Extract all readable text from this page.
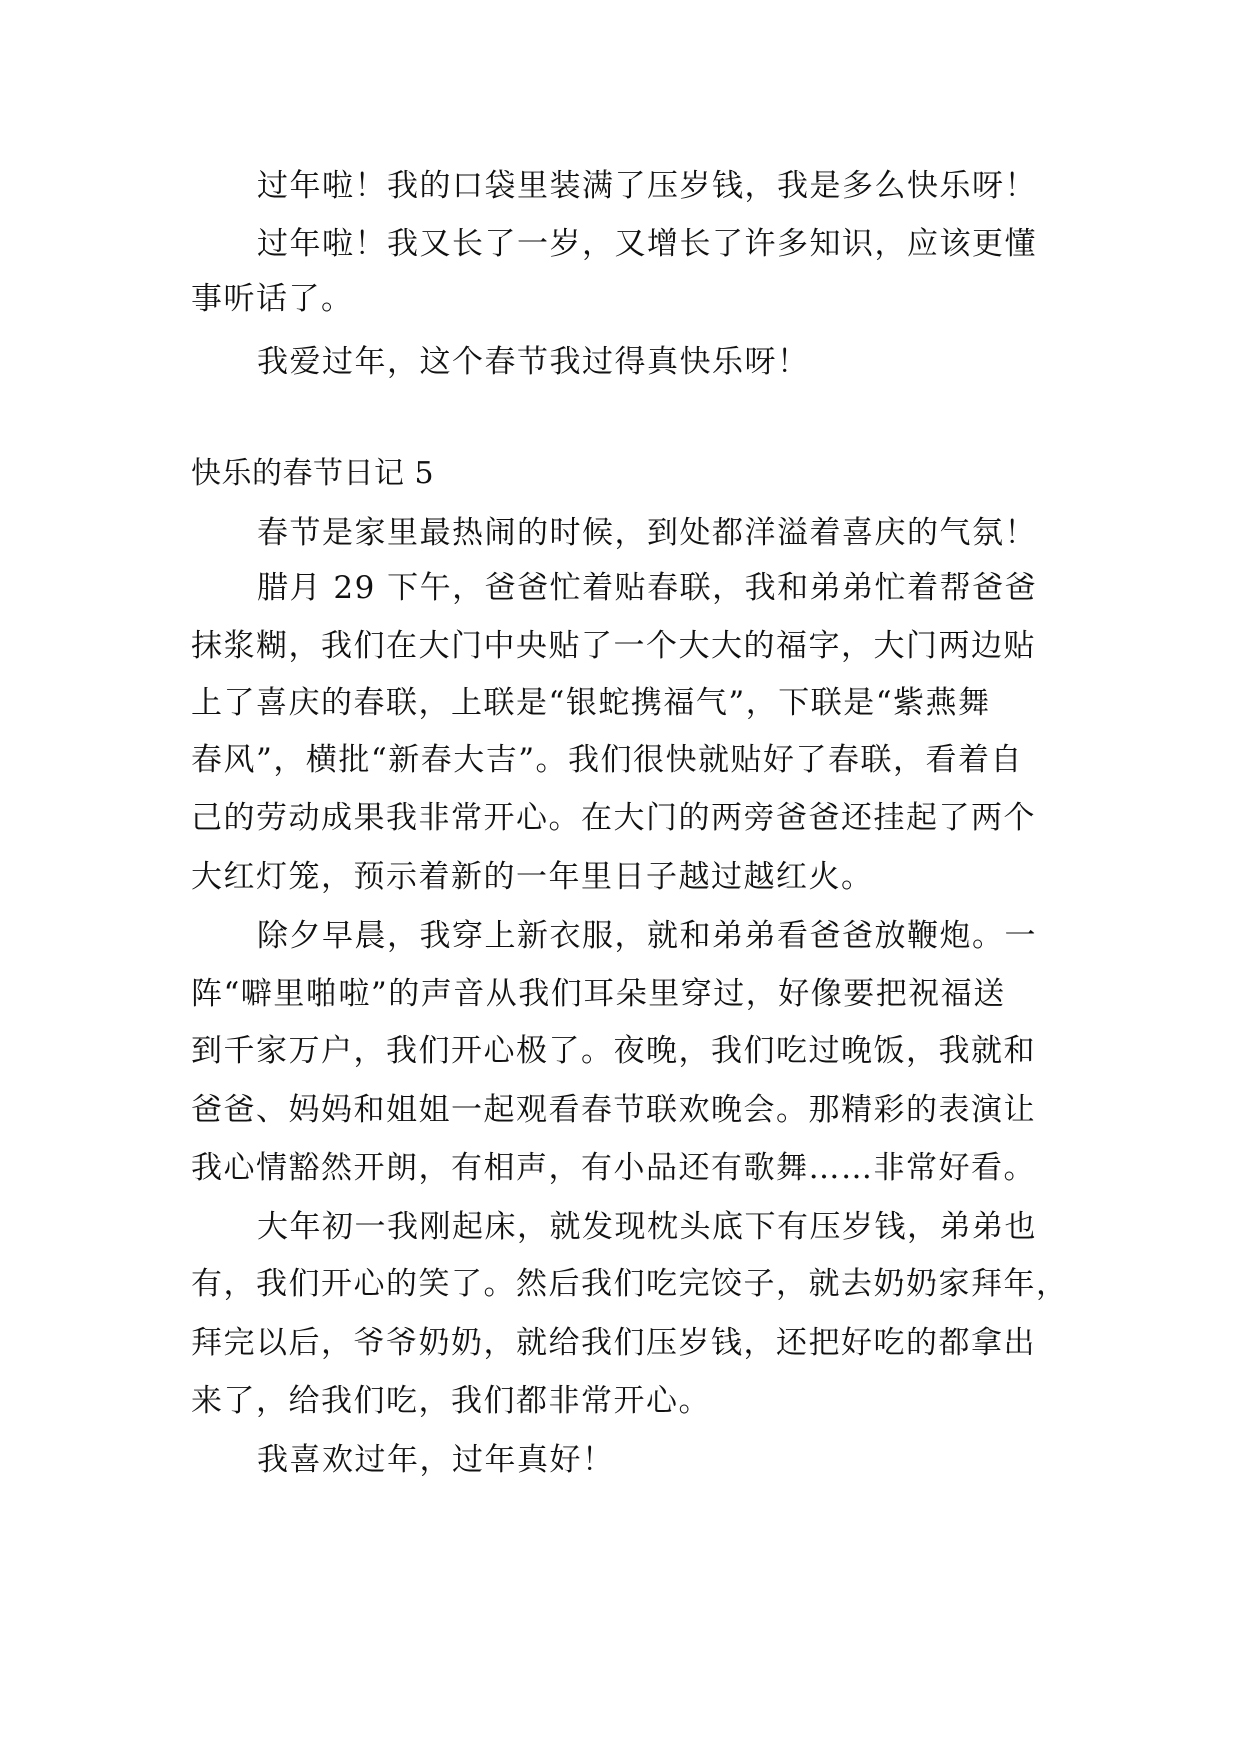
过年啦！我的口袋里装满了压岁钱，我是多么快乐呀！
过年啦！我又长了一岁，又增长了许多知识，应该更懂
事听话了。
我爱过年，这个春节我过得真快乐呀！
快乐的春节日记 5
春节是家里最热闹的时候，到处都洋溢着喜庆的气氛！
腊月 29 下午，爸爸忙着贴春联，我和弟弟忙着帮爸爸
抹浆糊，我们在大门中央贴了一个大大的福字，大门两边贴
上了喜庆的春联，上联是“银蛇携福气”，下联是“紫燕舞
春风”，横批“新春大吉”。我们很快就贴好了春联，看着自
己的劳动成果我非常开心。在大门的两旁爸爸还挂起了两个
大红灯笼，预示着新的一年里日子越过越红火。
除夕早晨，我穿上新衣服，就和弟弟看爸爸放鞭炮。一
阵“噼里啪啦”的声音从我们耳朵里穿过，好像要把祝福送
到千家万户，我们开心极了。夜晚，我们吃过晚饭，我就和
爸爸、妈妈和姐姐一起观看春节联欢晚会。那精彩的表演让
我心情豁然开朗，有相声，有小品还有歌舞……非常好看。
大年初一我刚起床，就发现枕头底下有压岁钱，弟弟也
有，我们开心的笑了。然后我们吃完饺子，就去奶奶家拜年，
拜完以后，爷爷奶奶，就给我们压岁钱，还把好吃的都拿出
来了，给我们吃，我们都非常开心。
我喜欢过年，过年真好！
